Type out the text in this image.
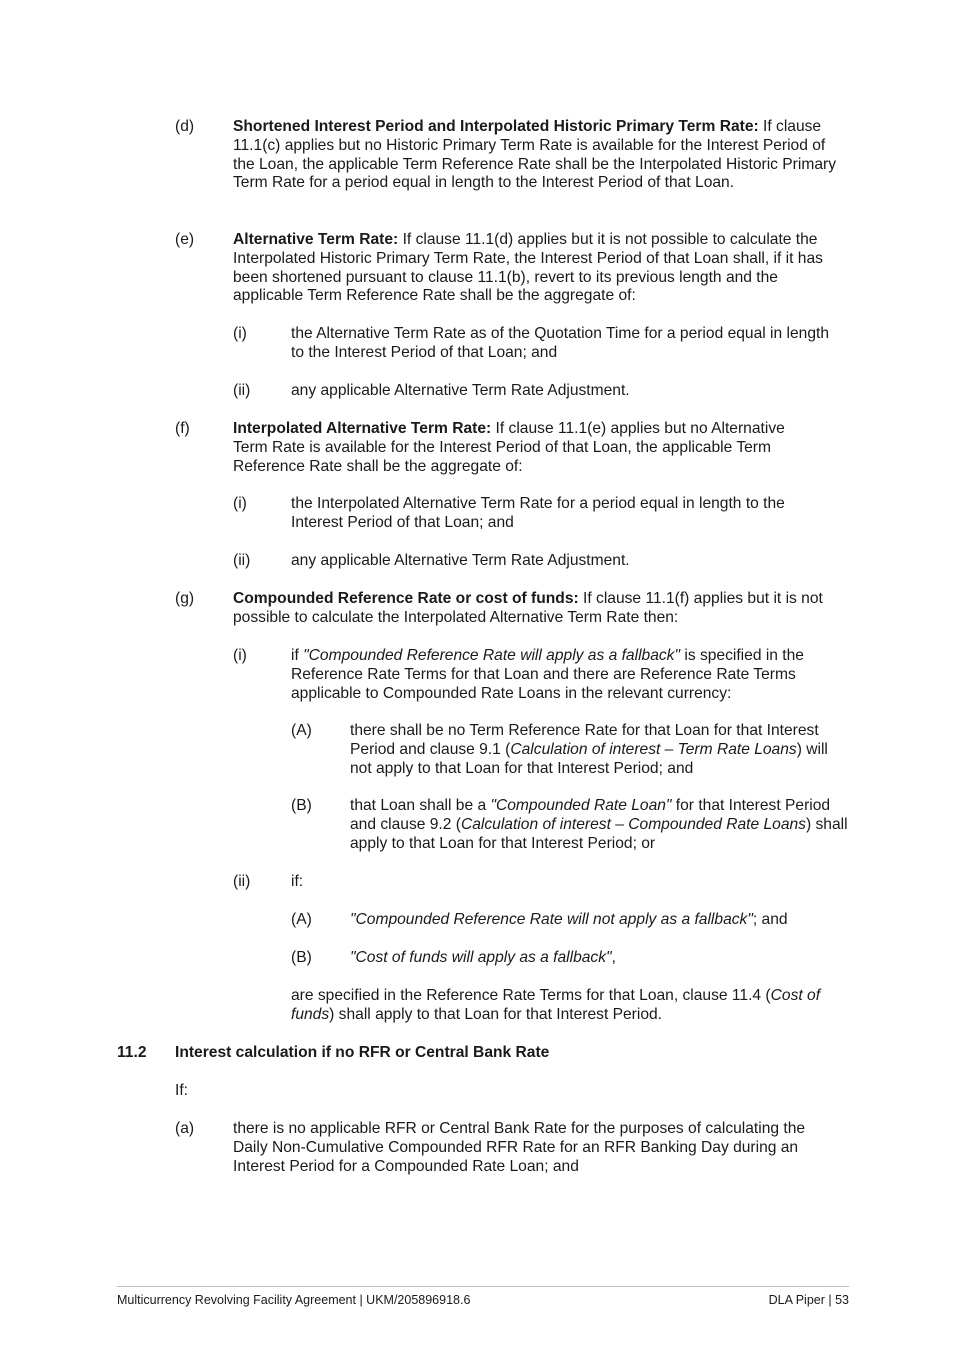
(d) Shortened Interest Period and Interpolated Historic Primary Term Rate: If clause 11.1(c) applies but no Historic Primary Term Rate is available for the Interest Period of the Loan, the applicable Term Reference Rate shall be the Interpolated Historic Primary Term Rate for a period equal in length to the Interest Period of that Loan.
(e) Alternative Term Rate: If clause 11.1(d) applies but it is not possible to calculate the Interpolated Historic Primary Term Rate, the Interest Period of that Loan shall, if it has been shortened pursuant to clause 11.1(b), revert to its previous length and the applicable Term Reference Rate shall be the aggregate of:
(i)	the Alternative Term Rate as of the Quotation Time for a period equal in length to the Interest Period of that Loan; and
(ii)	any applicable Alternative Term Rate Adjustment.
(f)	Interpolated Alternative Term Rate: If clause 11.1(e) applies but no Alternative Term Rate is available for the Interest Period of that Loan, the applicable Term Reference Rate shall be the aggregate of:
(i)	the Interpolated Alternative Term Rate for a period equal in length to the Interest Period of that Loan; and
(ii)	any applicable Alternative Term Rate Adjustment.
(g) Compounded Reference Rate or cost of funds: If clause 11.1(f) applies but it is not possible to calculate the Interpolated Alternative Term Rate then:
(i)	if "Compounded Reference Rate will apply as a fallback" is specified in the Reference Rate Terms for that Loan and there are Reference Rate Terms applicable to Compounded Rate Loans in the relevant currency:
(A) there shall be no Term Reference Rate for that Loan for that Interest Period and clause 9.1 (Calculation of interest – Term Rate Loans) will not apply to that Loan for that Interest Period; and
(B) that Loan shall be a "Compounded Rate Loan" for that Interest Period and clause 9.2 (Calculation of interest – Compounded Rate Loans) shall apply to that Loan for that Interest Period; or
(ii)	if:
(A) "Compounded Reference Rate will not apply as a fallback"; and
(B) "Cost of funds will apply as a fallback",
are specified in the Reference Rate Terms for that Loan, clause 11.4 (Cost of funds) shall apply to that Loan for that Interest Period.
11.2 Interest calculation if no RFR or Central Bank Rate
If:
(a) there is no applicable RFR or Central Bank Rate for the purposes of calculating the Daily Non-Cumulative Compounded RFR Rate for an RFR Banking Day during an Interest Period for a Compounded Rate Loan; and
Multicurrency Revolving Facility Agreement | UKM/205896918.6	DLA Piper | 53
